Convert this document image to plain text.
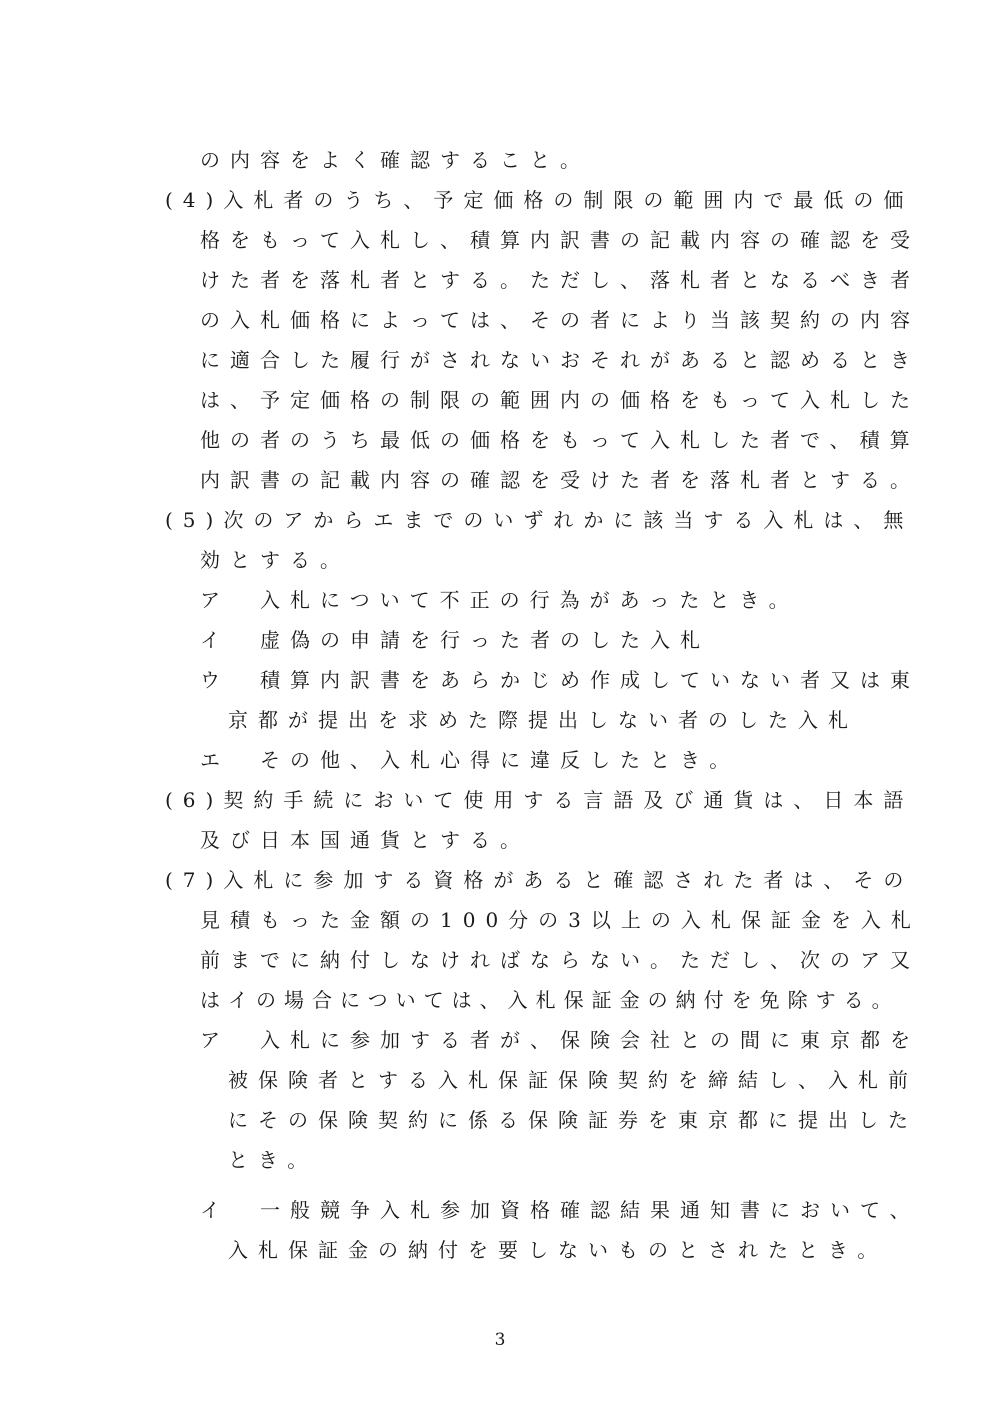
の内容をよく確認すること。
(4)入札者のうち、予定価格の制限の範囲内で最低の価
格をもって入札し、積算内訳書の記載内容の確認を受
けた者を落札者とする。ただし、落札者となるべき者
の入札価格によっては、その者により当該契約の内容
に適合した履行がされないおそれがあると認めるとき
は、予定価格の制限の範囲内の価格をもって入札した
他の者のうち最低の価格をもって入札した者で、積算
内訳書の記載内容の確認を受けた者を落札者とする。
(5)次のアからエまでのいずれかに該当する入札は、無
効とする。
ア　入札について不正の行為があったとき。
イ　虚偽の申請を行った者のした入札
ウ　積算内訳書をあらかじめ作成していない者又は東
京都が提出を求めた際提出しない者のした入札
エ　その他、入札心得に違反したとき。
(6)契約手続において使用する言語及び通貨は、日本語
及び日本国通貨とする。
(7)入札に参加する資格があると確認された者は、その
見積もった金額の100分の3以上の入札保証金を入札
前までに納付しなければならない。ただし、次のア又
はイの場合については、入札保証金の納付を免除する。
ア　入札に参加する者が、保険会社との間に東京都を
被保険者とする入札保証保険契約を締結し、入札前
にその保険契約に係る保険証券を東京都に提出した
とき。
イ　一般競争入札参加資格確認結果通知書において、
入札保証金の納付を要しないものとされたとき。
3
